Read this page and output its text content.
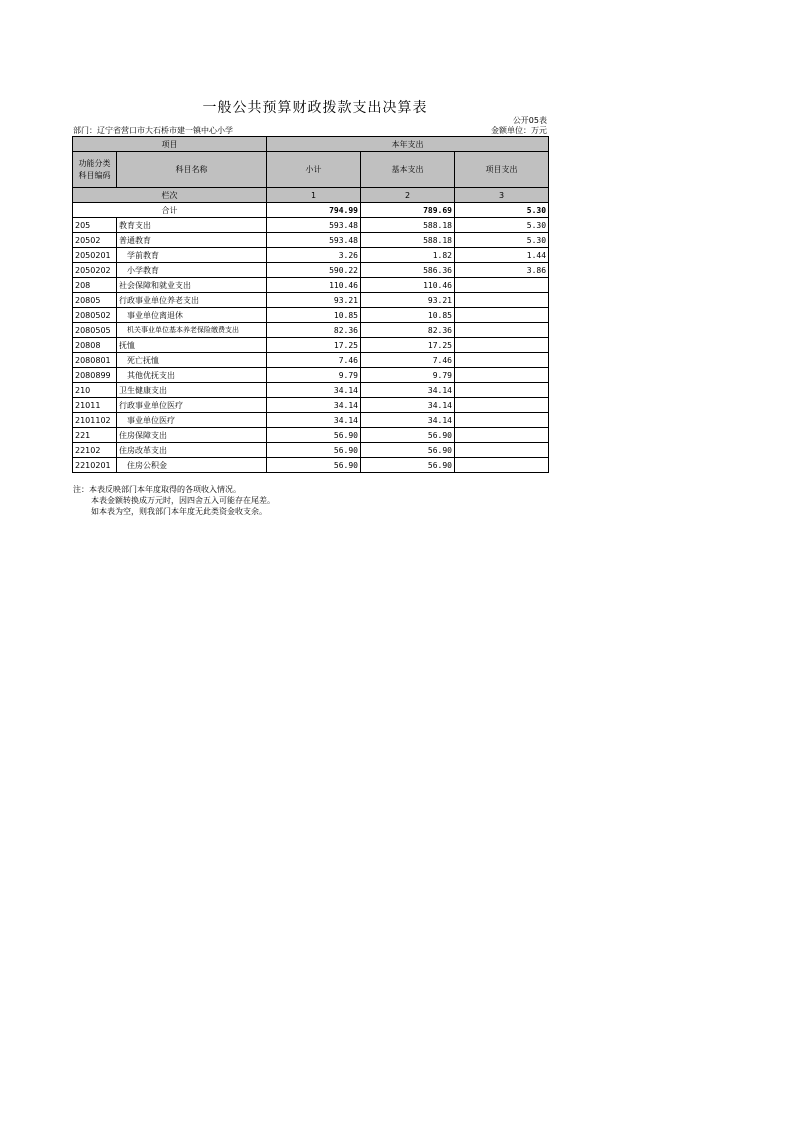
一般公共预算财政拨款支出决算表
公开05表
部门：辽宁省营口市大石桥市建一镇中心小学	金额单位：万元
项目		本年支出		
功能分类科目编码	科目名称	小计	基本支出	项目支出
栏次		1	2	3
合计		794.99	789.69	5.30
205	教育支出	593.48	588.18	5.30
20502	普通教育	593.48	588.18	5.30
2050201	学前教育	3.26	1.82	1.44
2050202	小学教育	590.22	586.36	3.86
208	社会保障和就业支出	110.46	110.46	
20805	行政事业单位养老支出	93.21	93.21	
2080502	事业单位离退休	10.85	10.85	
2080505	机关事业单位基本养老保险缴费支出	82.36	82.36	
20808	抚恤	17.25	17.25	
2080801	死亡抚恤	7.46	7.46	
2080899	其他优抚支出	9.79	9.79	
210	卫生健康支出	34.14	34.14	
21011	行政事业单位医疗	34.14	34.14	
2101102	事业单位医疗	34.14	34.14	
221	住房保障支出	56.90	56.90	
22102	住房改革支出	56.90	56.90	
2210201	住房公积金	56.90	56.90	
注：本表反映部门本年度取得的各项收入情况。
本表金额转换成万元时，因四舍五入可能存在尾差。
如本表为空，则我部门本年度无此类资金收支余。
